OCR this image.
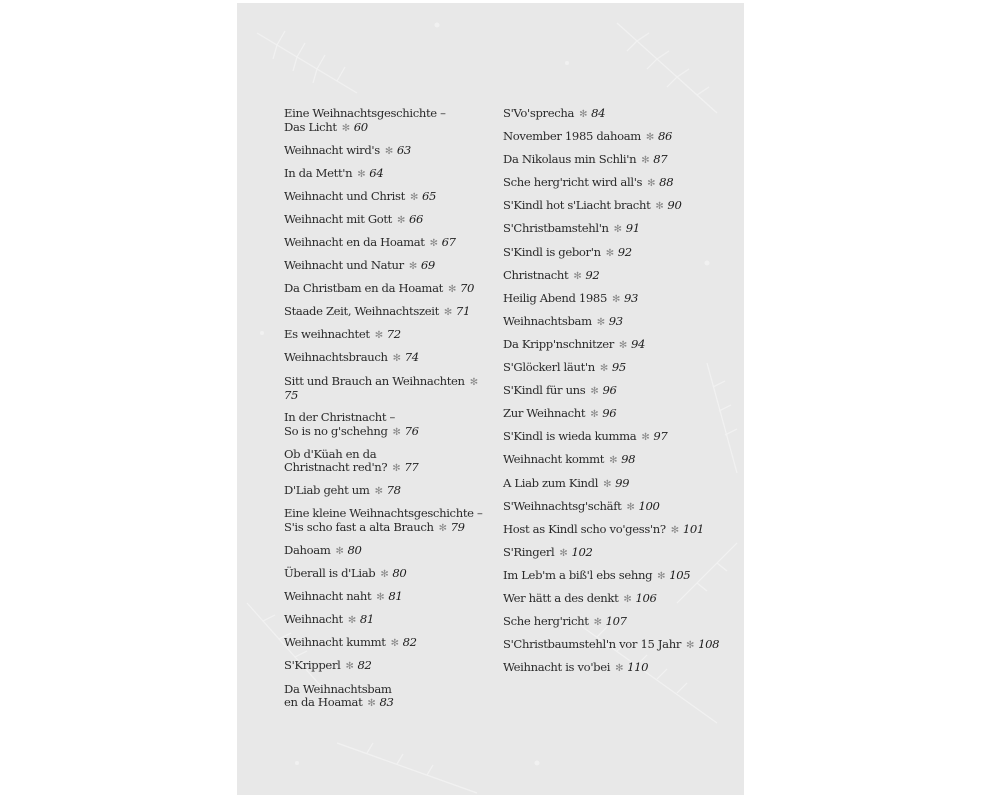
Eine Weihnachtsgeschichte –
Das Licht ✻ 60
Weihnacht wird's ✻ 63
In da Mett'n ✻ 64
Weihnacht und Christ ✻ 65
Weihnacht mit Gott ✻ 66
Weihnacht en da Hoamat ✻ 67
Weihnacht und Natur ✻ 69
Da Christbam en da Hoamat ✻ 70
Staade Zeit, Weihnachtszeit ✻ 71
Es weihnachtet ✻ 72
Weihnachtsbrauch ✻ 74
Sitt und Brauch an Weihnachten ✻75
In der Christnacht –
So is no g'schehng ✻ 76
Ob d'Küah en da
Christnacht red'n? ✻ 77
D'Liab geht um ✻ 78
Eine kleine Weihnachtsgeschichte –
S'is scho fast a alta Brauch ✻ 79
Dahoam ✻ 80
Überall is d'Liab ✻ 80
Weihnacht naht ✻ 81
Weihnacht ✻ 81
Weihnacht kummt ✻ 82
S'Kripperl ✻ 82
Da Weihnachtsbam
en da Hoamat ✻ 83
S'Vo'sprecha ✻ 84
November 1985 dahoam ✻ 86
Da Nikolaus min Schli'n ✻ 87
Sche herg'richt wird all's ✻ 88
S'Kindl hot s'Liacht bracht ✻ 90
S'Christbamstehl'n ✻ 91
S'Kindl is gebor'n ✻ 92
Christnacht ✻ 92
Heilig Abend 1985 ✻ 93
Weihnachtsbam ✻ 93
Da Kripp'nschnitzer ✻ 94
S'Glöckerl läut'n ✻ 95
S'Kindl für uns ✻ 96
Zur Weihnacht ✻ 96
S'Kindl is wieda kumma ✻ 97
Weihnacht kommt ✻ 98
A Liab zum Kindl ✻ 99
S'Weihnachtsg'schäft ✻ 100
Host as Kindl scho vo'gess'n? ✻ 101
S'Ringerl ✻ 102
Im Leb'm a biß'l ebs sehng ✻ 105
Wer hätt a des denkt ✻ 106
Sche herg'richt ✻ 107
S'Christbaumstehl'n vor 15 Jahr ✻ 108
Weihnacht is vo'bei ✻ 110
